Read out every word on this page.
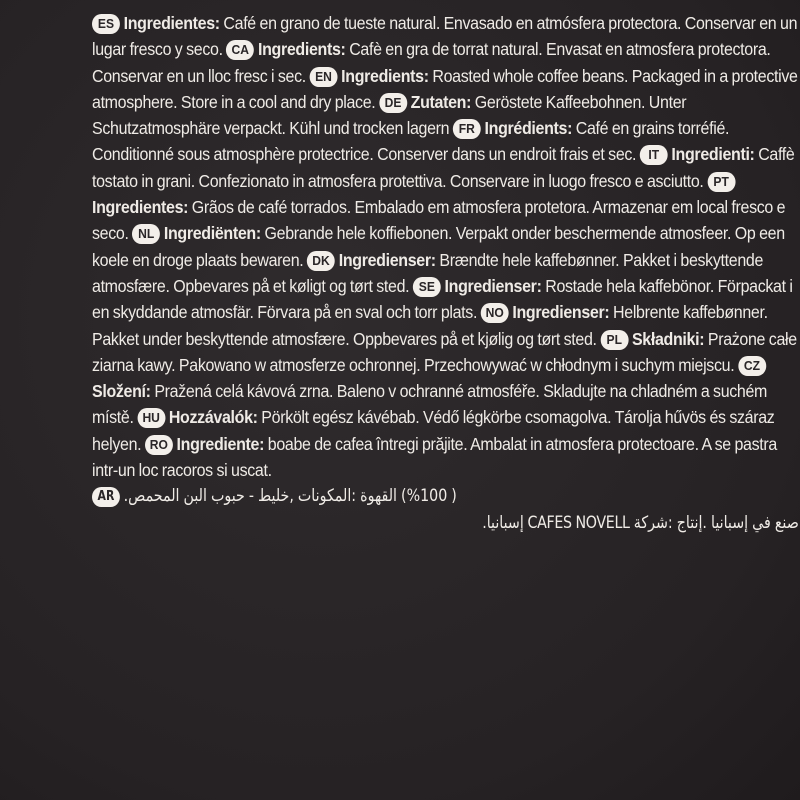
ES Ingredientes: Café en grano de tueste natural. Envasado en atmósfera protectora. Conservar en un lugar fresco y seco. CA Ingredients: Cafè en gra de torrat natural. Envasat en atmosfera protectora. Conservar en un lloc fresc i sec. EN Ingredients: Roasted whole coffee beans. Packaged in a protective atmosphere. Store in a cool and dry place. DE Zutaten: Geröstete Kaffeebohnen. Unter Schutzatmosphäre verpackt. Kühl und trocken lagern FR Ingrédients: Café en grains torréfié. Conditionné sous atmosphère protectrice. Conserver dans un endroit frais et sec. IT Ingredienti: Caffè tostato in grani. Confezionato in atmosfera protettiva. Conservare in luogo fresco e asciutto. PTIngredientes: Grãos de café torrados. Embalado em atmosfera protetora. Armazenar em local fresco e seco. NL Ingrediënten: Gebrande hele koffiebonen. Verpakt onder beschermende atmosfeer. Op een koele en droge plaats bewaren. DK Ingredienser: Brændte hele kaffebønner. Pakket i beskyttende atmosfære. Opbevares på et køligt og tørt sted. SE Ingredienser: Rostade hela kaffebönor. Förpackat i en skyddande atmosfär. Förvara på en sval och torr plats. NO Ingredienser: Helbrente kaffebønner. Pakket under beskyttende atmosfære. Oppbevares på et kjølig og tørt sted. PL Składniki: Prażone całe ziarna kawy. Pakowano w atmosferze ochronnej. Przechowywać w chłodnym i suchym miejscu. CZSložení: Pražená celá kávová zrna. Baleno v ochranné atmosféře. Skladujte na chladném a suchém místě. HU Hozzávalók: Pörkölt egész kávébab. Védő légkörbe csomagolva. Tárolja hűvös és száraz helyen. RO Ingrediente: boabe de cafea întregi prăjite. Ambalat in atmosfera protectoare. A se pastra intr-un loc racoros si uscat.
AR ( %100) القهوة :المكونات ,خليط - حبوب البن المحمص.
صنع في إسبانيا .إنتاج :شركة CAFES NOVELL إسبانيا.
